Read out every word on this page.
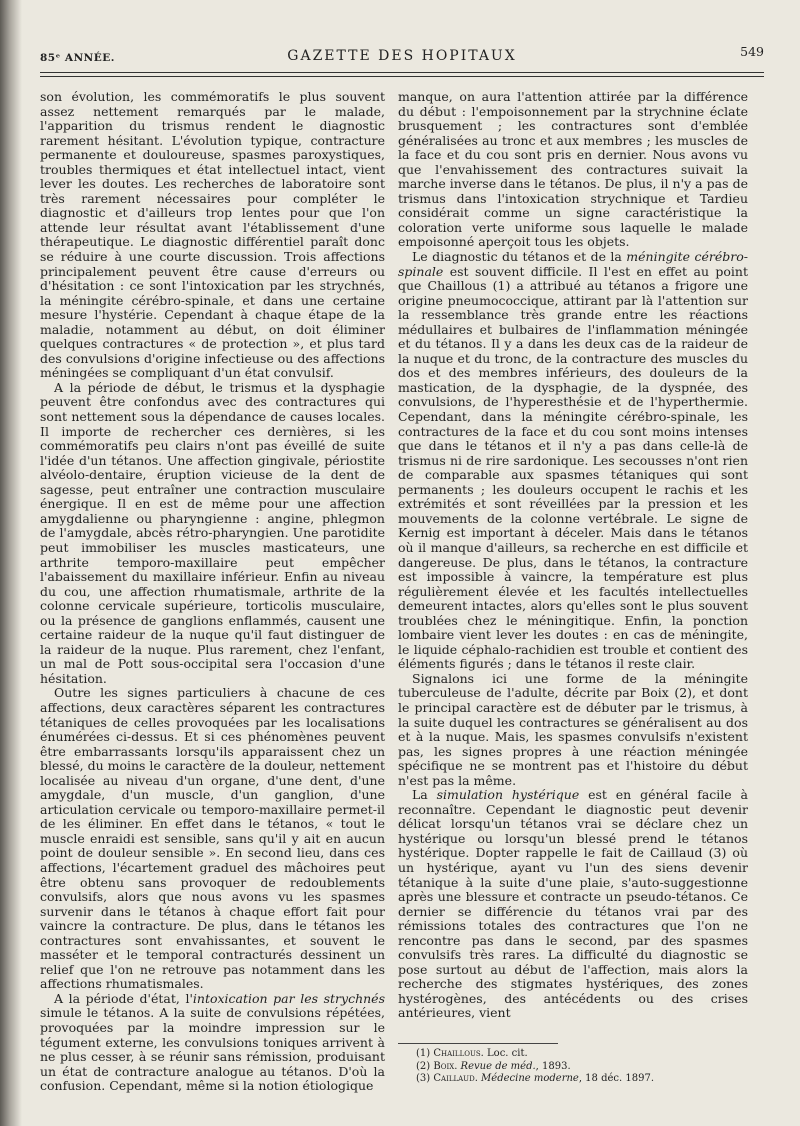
85ᵉ ANNÉE.	GAZETTE DES HOPITAUX	549

son évolution, les commémoratifs le plus souvent assez nettement remarqués par le malade, l'apparition du trismus rendent le diagnostic rarement hésitant. L'évolution typique, contracture permanente et douloureuse, spasmes paroxystiques, troubles thermiques et état intellectuel intact, vient lever les doutes. Les recherches de laboratoire sont très rarement nécessaires pour compléter le diagnostic et d'ailleurs trop lentes pour que l'on attende leur résultat avant l'établissement d'une thérapeutique. Le diagnostic différentiel paraît donc se réduire à une courte discussion. Trois affections principalement peuvent être cause d'erreurs ou d'hésitation : ce sont l'intoxication par les strychnés, la méningite cérébro-spinale, et dans une certaine mesure l'hystérie. Cependant à chaque étape de la maladie, notamment au début, on doit éliminer quelques contractures « de protection », et plus tard des convulsions d'origine infectieuse ou des affections méningées se compliquant d'un état convulsif.

A la période de début, le trismus et la dysphagie peuvent être confondus avec des contractures qui sont nettement sous la dépendance de causes locales. Il importe de rechercher ces dernières, si les commémoratifs peu clairs n'ont pas éveillé de suite l'idée d'un tétanos. Une affection gingivale, périostite alvéolo-dentaire, éruption vicieuse de la dent de sagesse, peut entraîner une contraction musculaire énergique. Il en est de même pour une affection amygdalienne ou pharyngienne : angine, phlegmon de l'amygdale, abcès rétro-pharyngien. Une parotidite peut immobiliser les muscles masticateurs, une arthrite temporo-maxillaire peut empêcher l'abaissement du maxillaire inférieur. Enfin au niveau du cou, une affection rhumatismale, arthrite de la colonne cervicale supérieure, torticolis musculaire, ou la présence de ganglions enflammés, causent une certaine raideur de la nuque qu'il faut distinguer de la raideur de la nuque. Plus rarement, chez l'enfant, un mal de Pott sous-occipital sera l'occasion d'une hésitation.

Outre les signes particuliers à chacune de ces affections, deux caractères séparent les contractures tétaniques de celles provoquées par les localisations énumérées ci-dessus. Et si ces phénomènes peuvent être embarrassants lorsqu'ils apparaissent chez un blessé, du moins le caractère de la douleur, nettement localisée au niveau d'un organe, d'une dent, d'une amygdale, d'un muscle, d'un ganglion, d'une articulation cervicale ou temporo-maxillaire permet-il de les éliminer. En effet dans le tétanos, « tout le muscle enraidi est sensible, sans qu'il y ait en aucun point de douleur sensible ». En second lieu, dans ces affections, l'écartement graduel des mâchoires peut être obtenu sans provoquer de redoublements convulsifs, alors que nous avons vu les spasmes survenir dans le tétanos à chaque effort fait pour vaincre la contracture. De plus, dans le tétanos les contractures sont envahissantes, et souvent le masséter et le temporal contracturés dessinent un relief que l'on ne retrouve pas notamment dans les affections rhumatismales.

A la période d'état, l'intoxication par les strychnés simule le tétanos. A la suite de convulsions répétées, provoquées par la moindre impression sur le tégument externe, les convulsions toniques arrivent à ne plus cesser, à se réunir sans rémission, produisant un état de contracture analogue au tétanos. D'où la confusion. Cependant, même si la notion étiologique

manque, on aura l'attention attirée par la différence du début : l'empoisonnement par la strychnine éclate brusquement ; les contractures sont d'emblée généralisées au tronc et aux membres ; les muscles de la face et du cou sont pris en dernier. Nous avons vu que l'envahissement des contractures suivait la marche inverse dans le tétanos. De plus, il n'y a pas de trismus dans l'intoxication strychnique et Tardieu considérait comme un signe caractéristique la coloration verte uniforme sous laquelle le malade empoisonné aperçoit tous les objets.

Le diagnostic du tétanos et de la méningite cérébro-spinale est souvent difficile. Il l'est en effet au point que Chaillous (1) a attribué au tétanos a frigore une origine pneumococcique, attirant par là l'attention sur la ressemblance très grande entre les réactions médullaires et bulbaires de l'inflammation méningée et du tétanos. Il y a dans les deux cas de la raideur de la nuque et du tronc, de la contracture des muscles du dos et des membres inférieurs, des douleurs de la mastication, de la dysphagie, de la dyspnée, des convulsions, de l'hyperesthésie et de l'hyperthermie. Cependant, dans la méningite cérébro-spinale, les contractures de la face et du cou sont moins intenses que dans le tétanos et il n'y a pas dans celle-là de trismus ni de rire sardonique. Les secousses n'ont rien de comparable aux spasmes tétaniques qui sont permanents ; les douleurs occupent le rachis et les extrémités et sont réveillées par la pression et les mouvements de la colonne vertébrale. Le signe de Kernig est important à déceler. Mais dans le tétanos où il manque d'ailleurs, sa recherche en est difficile et dangereuse. De plus, dans le tétanos, la contracture est impossible à vaincre, la température est plus régulièrement élevée et les facultés intellectuelles demeurent intactes, alors qu'elles sont le plus souvent troublées chez le méningitique. Enfin, la ponction lombaire vient lever les doutes : en cas de méningite, le liquide céphalo-rachidien est trouble et contient des éléments figurés ; dans le tétanos il reste clair.

Signalons ici une forme de la méningite tuberculeuse de l'adulte, décrite par Boix (2), et dont le principal caractère est de débuter par le trismus, à la suite duquel les contractures se généralisent au dos et à la nuque. Mais, les spasmes convulsifs n'existent pas, les signes propres à une réaction méningée spécifique ne se montrent pas et l'histoire du début n'est pas la même.

La simulation hystérique est en général facile à reconnaître. Cependant le diagnostic peut devenir délicat lorsqu'un tétanos vrai se déclare chez un hystérique ou lorsqu'un blessé prend le tétanos hystérique. Dopter rappelle le fait de Caillaud (3) où un hystérique, ayant vu l'un des siens devenir tétanique à la suite d'une plaie, s'auto-suggestionne après une blessure et contracte un pseudo-tétanos. Ce dernier se différencie du tétanos vrai par des rémissions totales des contractures que l'on ne rencontre pas dans le second, par des spasmes convulsifs très rares. La difficulté du diagnostic se pose surtout au début de l'affection, mais alors la recherche des stigmates hystériques, des zones hystérogènes, des antécédents ou des crises antérieures, vient

(1) Chaillous. Loc. cit.

(2) Boix. Revue de méd., 1893.

(3) Caillaud. Médecine moderne, 18 déc. 1897.
